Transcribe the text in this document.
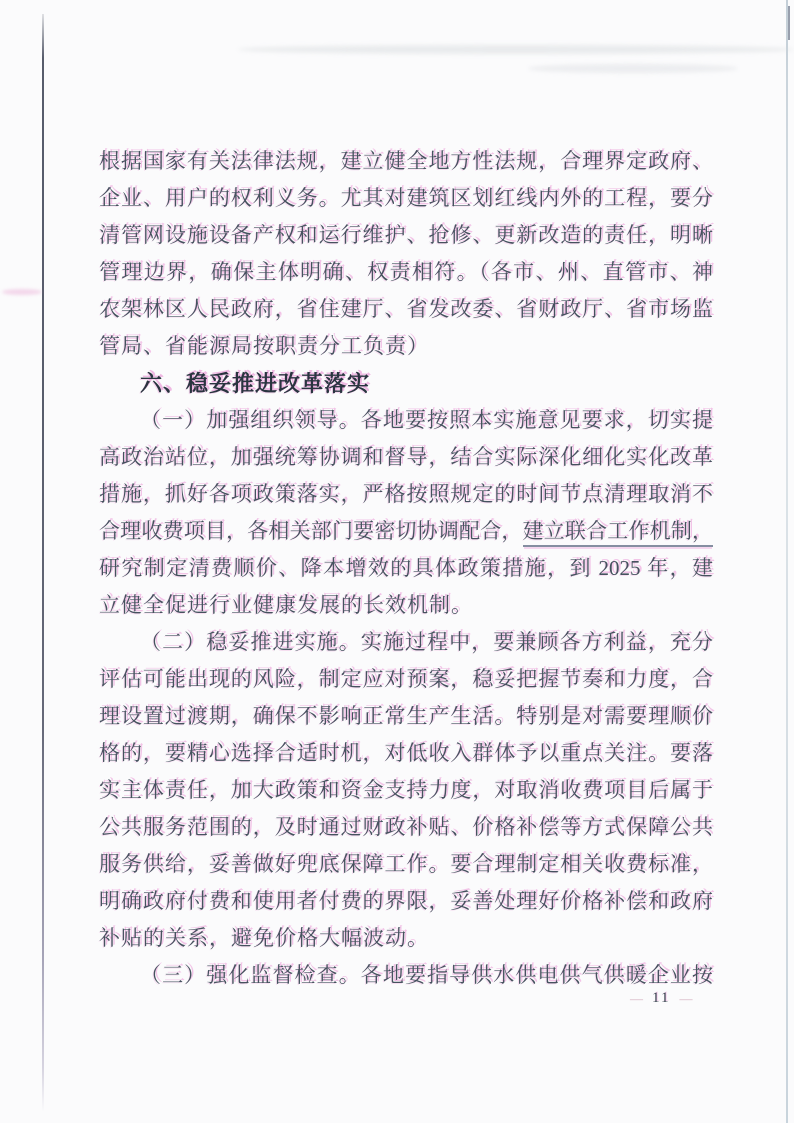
根据国家有关法律法规，建立健全地方性法规，合理界定政府、
企业、用户的权利义务。尤其对建筑区划红线内外的工程，要分
清管网设施设备产权和运行维护、抢修、更新改造的责任，明晰
管理边界，确保主体明确、权责相符。（各市、州、直管市、神
农架林区人民政府，省住建厅、省发改委、省财政厅、省市场监
管局、省能源局按职责分工负责）
六、稳妥推进改革落实
（一）加强组织领导。各地要按照本实施意见要求，切实提
高政治站位，加强统筹协调和督导，结合实际深化细化实化改革
措施，抓好各项政策落实，严格按照规定的时间节点清理取消不
合理收费项目，各相关部门要密切协调配合，建立联合工作机制，
研究制定清费顺价、降本增效的具体政策措施，到 2025 年，建
立健全促进行业健康发展的长效机制。
（二）稳妥推进实施。实施过程中，要兼顾各方利益，充分
评估可能出现的风险，制定应对预案，稳妥把握节奏和力度，合
理设置过渡期，确保不影响正常生产生活。特别是对需要理顺价
格的，要精心选择合适时机，对低收入群体予以重点关注。要落
实主体责任，加大政策和资金支持力度，对取消收费项目后属于
公共服务范围的，及时通过财政补贴、价格补偿等方式保障公共
服务供给，妥善做好兜底保障工作。要合理制定相关收费标准，
明确政府付费和使用者付费的界限，妥善处理好价格补偿和政府
补贴的关系，避免价格大幅波动。
（三）强化监督检查。各地要指导供水供电供气供暖企业按
— 11 —
